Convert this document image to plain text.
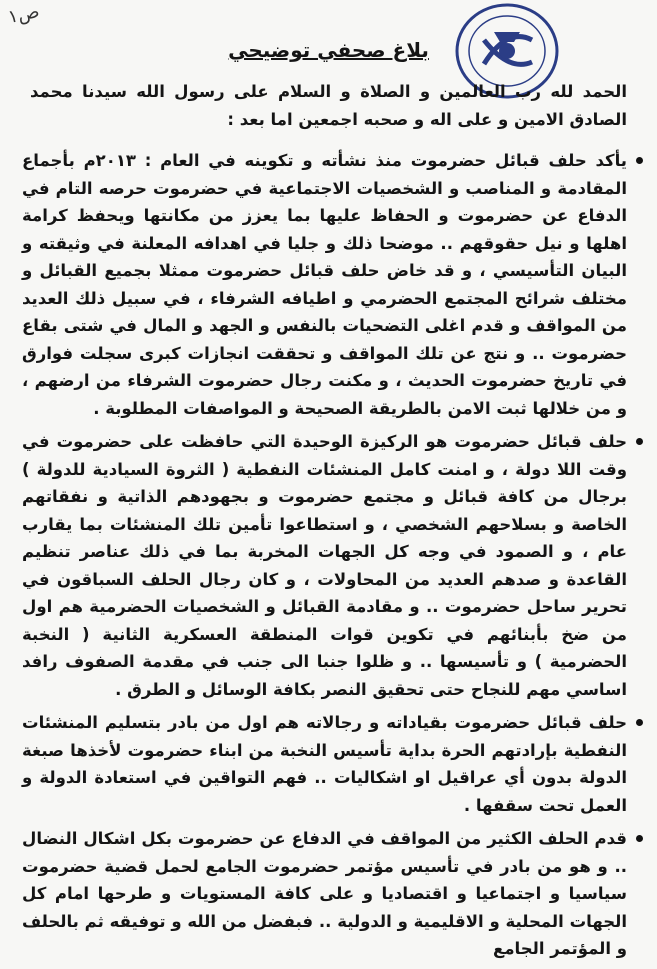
ص١
بلاغ صحفي توضيحي

الحمد لله رب العالمين و الصلاة و السلام على رسول الله سيدنا محمد الصادق الامين و على اله و صحبه اجمعين اما بعد :

يأكد حلف قبائل حضرموت منذ نشأته و تكوينه في العام : ٢٠١٣م بأجماع المقادمة و المناصب و الشخصيات الاجتماعية في حضرموت حرصه التام في الدفاع عن حضرموت و الحفاظ عليها بما يعزز من مكانتها ويحفظ كرامة اهلها و نيل حقوقهم .. موضحا ذلك و جليا في اهدافه المعلنة في وثيقته و البيان التأسيسي ، و قد خاض حلف قبائل حضرموت ممثلا بجميع القبائل و مختلف شرائح المجتمع الحضرمي و اطيافه الشرفاء ، في سبيل ذلك العديد من المواقف و قدم اغلى التضحيات بالنفس و الجهد و المال في شتى بقاع حضرموت .. و نتج عن تلك المواقف و تحققت انجازات كبرى سجلت فوارق في تاريخ حضرموت الحديث ، و مكنت رجال حضرموت الشرفاء من ارضهم ، و من خلالها ثبت الامن بالطريقة الصحيحة و المواصفات المطلوبة .
حلف قبائل حضرموت هو الركيزة الوحيدة التي حافظت على حضرموت في وقت اللا دولة ، و امنت كامل المنشئات النفطية ( الثروة السيادية للدولة ) برجال من كافة قبائل و مجتمع حضرموت و بجهودهم الذاتية و نفقاتهم الخاصة و بسلاحهم الشخصي ، و استطاعوا تأمين تلك المنشئات بما يقارب عام ، و الصمود في وجه كل الجهات المخربة بما في ذلك عناصر تنظيم القاعدة و صدهم العديد من المحاولات ، و كان رجال الحلف السباقون في تحرير ساحل حضرموت .. و مقادمة القبائل و الشخصيات الحضرمية هم اول من ضخ بأبنائهم في تكوين قوات المنطقة العسكرية الثانية ( النخبة الحضرمية ) و تأسيسها .. و ظلوا جنبا الى جنب في مقدمة الصفوف رافد اساسي مهم للنجاح حتى تحقيق النصر بكافة الوسائل و الطرق .
حلف قبائل حضرموت بقياداته و رجالاته هم اول من بادر بتسليم المنشئات النفطية بإرادتهم الحرة بداية تأسيس النخبة من ابناء حضرموت لأخذها صبغة الدولة بدون أي عراقيل او اشكاليات .. فهم التواقين في استعادة الدولة و العمل تحت سقفها .
قدم الحلف الكثير من المواقف في الدفاع عن حضرموت بكل اشكال النضال .. و هو من بادر في تأسيس مؤتمر حضرموت الجامع لحمل قضية حضرموت سياسيا و اجتماعيا و اقتصاديا و على كافة المستويات و طرحها امام كل الجهات المحلية و الاقليمية و الدولية .. فبفضل من الله و توفيقه ثم بالحلف و المؤتمر الجامع
